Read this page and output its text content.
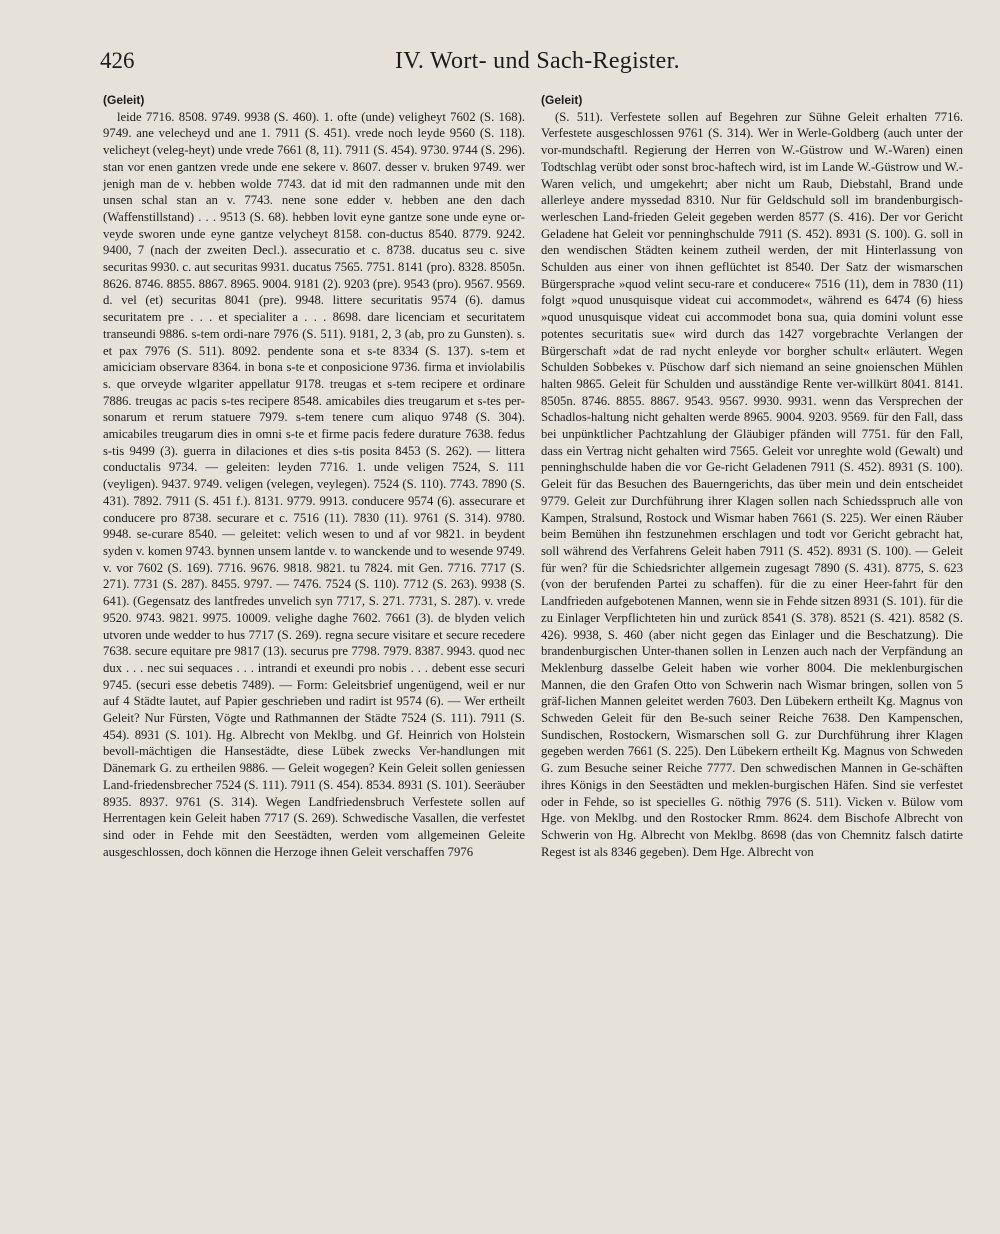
426	IV. Wort- und Sach-Register.
(Geleit)

leide 7716. 8508. 9749. 9938 (S. 460). 1. ofte (unde) veligheyt 7602 (S. 168). 9749. ane velecheyd und ane 1. 7911 (S. 451). vrede noch leyde 9560 (S. 118). velicheyt (veleg-heyt) unde vrede 7661 (8, 11). 7911 (S. 454). 9730. 9744 (S. 296). stan vor enen gantzen vrede unde ene sekere v. 8607. desser v. bruken 9749. wer jenigh man de v. hebben wolde 7743. dat id mit den radmannen unde mit den unsen schal stan an v. 7743. nene sone edder v. hebben ane den dach (Waffenstillstand) . . . 9513 (S. 68). hebben lovit eyne gantze sone unde eyne or-veyde sworen unde eyne gantze velycheyt 8158. con-ductus 8540. 8779. 9242. 9400, 7 (nach der zweiten Decl.). assecuratio et c. 8738. ducatus seu c. sive securitas 9930. c. aut securitas 9931. ducatus 7565. 7751. 8141 (pro). 8328. 8505n. 8626. 8746. 8855. 8867. 8965. 9004. 9181 (2). 9203 (pre). 9543 (pro). 9567. 9569. d. vel (et) securitas 8041 (pre). 9948. littere securitatis 9574 (6). damus securitatem pre . . . et specialiter a . . . 8698. dare licenciam et securitatem transeundi 9886. s-tem ordi-nare 7976 (S. 511). 9181, 2, 3 (ab, pro zu Gunsten). s. et pax 7976 (S. 511). 8092. pendente sona et s-te 8334 (S. 137). s-tem et amiciciam observare 8364. in bona s-te et conposicione 9736. firma et inviolabilis s. que orveyde wlgariter appellatur 9178. treugas et s-tem recipere et ordinare 7886. treugas ac pacis s-tes recipere 8548. amicabiles dies treugarum et s-tes per-sonarum et rerum statuere 7979. s-tem tenere cum aliquo 9748 (S. 304). amicabiles treugarum dies in omni s-te et firme pacis federe durature 7638. fedus s-tis 9499 (3). guerra in dilaciones et dies s-tis posita 8453 (S. 262). — littera conductalis 9734. — geleiten: leyden 7716. 1. unde veligen 7524, S. 111 (veyligen). 9437. 9749. veligen (velegen, veylegen). 7524 (S. 110). 7743. 7890 (S. 431). 7892. 7911 (S. 451 f.). 8131. 9779. 9913. conducere 9574 (6). assecurare et conducere pro 8738. securare et c. 7516 (11). 7830 (11). 9761 (S. 314). 9780. 9948. se-curare 8540. — geleitet: velich wesen to und af vor 9821. in beydent syden v. komen 9743. bynnen unsem lantde v. to wanckende und to wesende 9749. v. vor 7602 (S. 169). 7716. 9676. 9818. 9821. tu 7824. mit Gen. 7716. 7717 (S. 271). 7731 (S. 287). 8455. 9797. — 7476. 7524 (S. 110). 7712 (S. 263). 9938 (S. 641). (Gegensatz des lantfredes unvelich syn 7717, S. 271. 7731, S. 287). v. vrede 9520. 9743. 9821. 9975. 10009. velighe daghe 7602. 7661 (3). de blyden velich utvoren unde wedder to hus 7717 (S. 269). regna secure visitare et secure recedere 7638. secure equitare pre 9817 (13). securus pre 7798. 7979. 8387. 9943. quod nec dux . . . nec sui sequaces . . . intrandi et exeundi pro nobis . . . debent esse securi 9745. (securi esse debetis 7489). — Form: Geleitsbrief ungenügend, weil er nur auf 4 Städte lautet, auf Papier geschrieben und radirt ist 9574 (6). — Wer ertheilt Geleit? Nur Fürsten, Vögte und Rathmannen der Städte 7524 (S. 111). 7911 (S. 454). 8931 (S. 101). Hg. Albrecht von Meklbg. und Gf. Heinrich von Holstein bevoll-mächtigen die Hansestädte, diese Lübek zwecks Ver-handlungen mit Dänemark G. zu ertheilen 9886. — Geleit wogegen? Kein Geleit sollen geniessen Land-friedensbrecher 7524 (S. 111). 7911 (S. 454). 8534. 8931 (S. 101). Seeräuber 8935. 8937. 9761 (S. 314). Wegen Landfriedensbruch Verfestete sollen auf Herrentagen kein Geleit haben 7717 (S. 269). Schwedische Vasallen, die verfestet sind oder in Fehde mit den Seestädten, werden vom allgemeinen Geleite ausgeschlossen, doch können die Herzoge ihnen Geleit verschaffen 7976

(Geleit)

(S. 511). Verfestete sollen auf Begehren zur Sühne Geleit erhalten 7716. Verfestete ausgeschlossen 9761 (S. 314). Wer in Werle-Goldberg (auch unter der vor-mundschaftl. Regierung der Herren von W.-Güstrow und W.-Waren) einen Todtschlag verübt oder sonst broc-haftech wird, ist im Lande W.-Güstrow und W.-Waren velich, und umgekehrt; aber nicht um Raub, Diebstahl, Brand unde allerleye andere myssedad 8310. Nur für Geldschuld soll im brandenburgisch-werleschen Land-frieden Geleit gegeben werden 8577 (S. 416). Der vor Gericht Geladene hat Geleit vor penninghschulde 7911 (S. 452). 8931 (S. 100). G. soll in den wendischen Städten keinem zutheil werden, der mit Hinterlassung von Schulden aus einer von ihnen geflüchtet ist 8540. Der Satz der wismarschen Bürgersprache »quod velint secu-rare et conducere« 7516 (11), dem in 7830 (11) folgt »quod unusquisque videat cui accommodet«, während es 6474 (6) hiess »quod unusquisque videat cui accommodet bona sua, quia domini volunt esse potentes securitatis sue« wird durch das 1427 vorgebrachte Verlangen der Bürgerschaft »dat de rad nycht enleyde vor borgher schult« erläutert. Wegen Schulden Sobbekes v. Püschow darf sich niemand an seine gnoienschen Mühlen halten 9865. Geleit für Schulden und ausständige Rente ver-willkürt 8041. 8141. 8505n. 8746. 8855. 8867. 9543. 9567. 9930. 9931. wenn das Versprechen der Schadlos-haltung nicht gehalten werde 8965. 9004. 9203. 9569. für den Fall, dass bei unpünktlicher Pachtzahlung der Gläubiger pfänden will 7751. für den Fall, dass ein Vertrag nicht gehalten wird 7565. Geleit vor unreghte wold (Gewalt) und penninghschulde haben die vor Ge-richt Geladenen 7911 (S. 452). 8931 (S. 100). Geleit für das Besuchen des Bauerngerichts, das über mein und dein entscheidet 9779. Geleit zur Durchführung ihrer Klagen sollen nach Schiedsspruch alle von Kampen, Stralsund, Rostock und Wismar haben 7661 (S. 225). Wer einen Räuber beim Bemühen ihn festzunehmen erschlagen und todt vor Gericht gebracht hat, soll während des Verfahrens Geleit haben 7911 (S. 452). 8931 (S. 100). — Geleit für wen? für die Schiedsrichter allgemein zugesagt 7890 (S. 431). 8775, S. 623 (von der berufenden Partei zu schaffen). für die zu einer Heer-fahrt für den Landfrieden aufgebotenen Mannen, wenn sie in Fehde sitzen 8931 (S. 101). für die zu Einlager Verpflichteten hin und zurück 8541 (S. 378). 8521 (S. 421). 8582 (S. 426). 9938, S. 460 (aber nicht gegen das Einlager und die Beschatzung). Die brandenburgischen Unter-thanen sollen in Lenzen auch nach der Verpfändung an Meklenburg dasselbe Geleit haben wie vorher 8004. Die meklenburgischen Mannen, die den Grafen Otto von Schwerin nach Wismar bringen, sollen von 5 gräf-lichen Mannen geleitet werden 7603. Den Lübekern ertheilt Kg. Magnus von Schweden Geleit für den Be-such seiner Reiche 7638. Den Kampenschen, Sundischen, Rostockern, Wismarschen soll G. zur Durchführung ihrer Klagen gegeben werden 7661 (S. 225). Den Lübekern ertheilt Kg. Magnus von Schweden G. zum Besuche seiner Reiche 7777. Den schwedischen Mannen in Ge-schäften ihres Königs in den Seestädten und meklen-burgischen Häfen. Sind sie verfestet oder in Fehde, so ist specielles G. nöthig 7976 (S. 511). Vicken v. Bülow vom Hge. von Meklbg. und den Rostocker Rmm. 8624. dem Bischofe Albrecht von Schwerin von Hg. Albrecht von Meklbg. 8698 (das von Chemnitz falsch datirte Regest ist als 8346 gegeben). Dem Hge. Albrecht von
